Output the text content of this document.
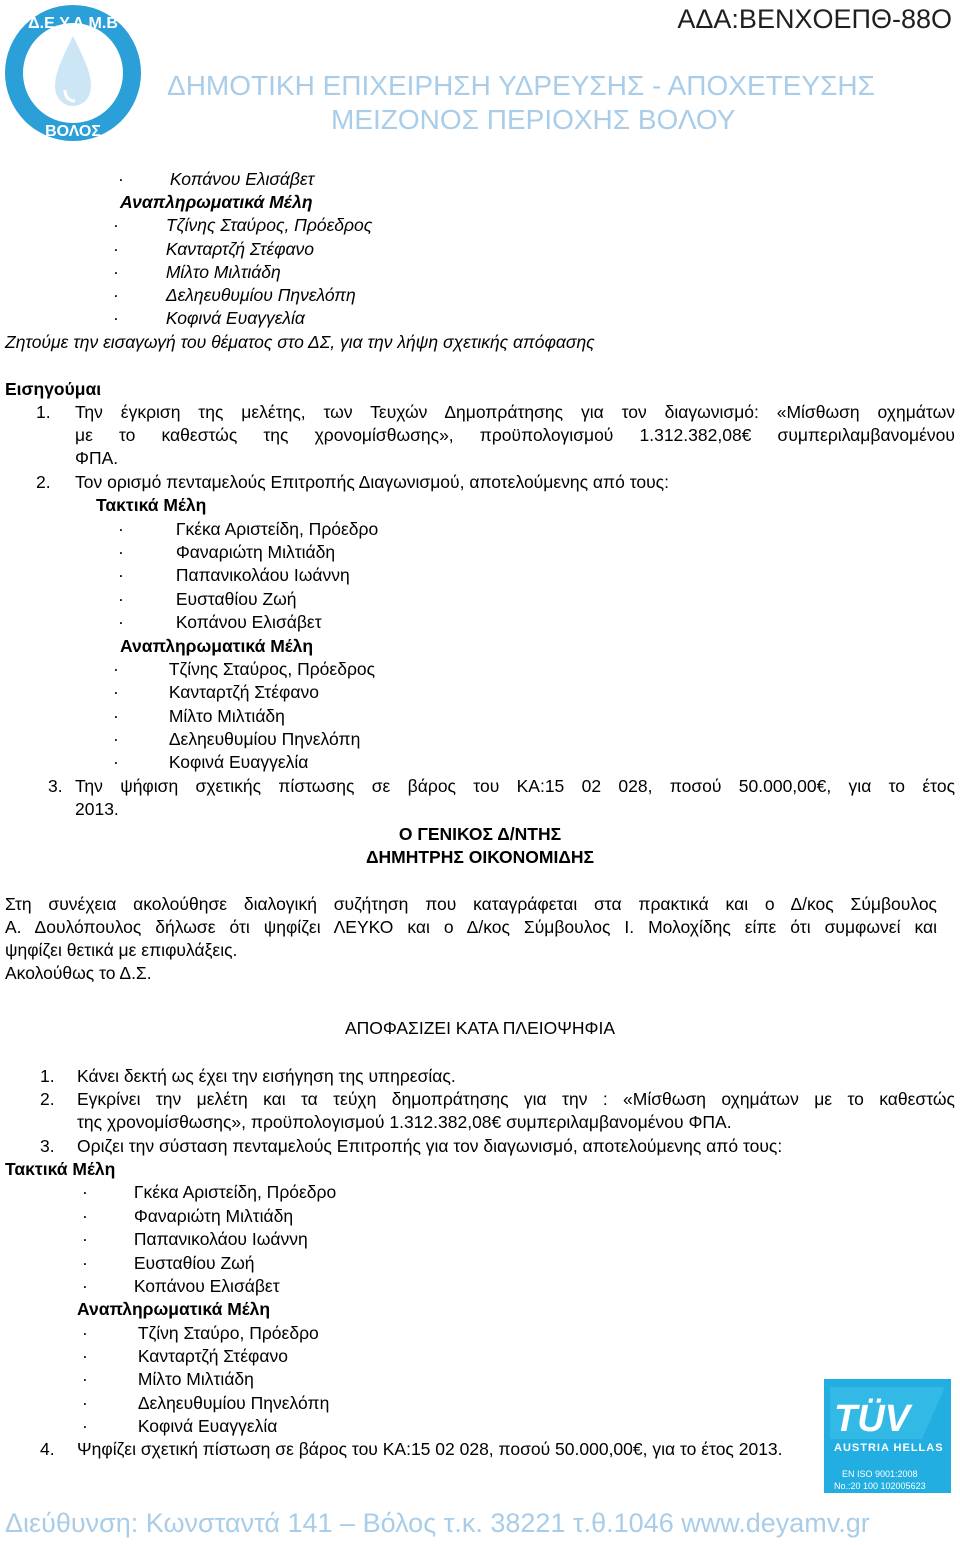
Δ.Ε.Υ.Α.Μ.Β
ΒΟΛΟΣ
ΑΔΑ:ΒΕΝΧΟΕΠΘ-88Ο
ΔΗΜΟΤΙΚΗ ΕΠΙΧΕΙΡΗΣΗ ΥΔΡΕΥΣΗΣ - ΑΠΟΧΕΤΕΥΣΗΣ
ΜΕΙΖΟΝΟΣ ΠΕΡΙΟΧΗΣ ΒΟΛΟΥ
·	Κοπάνου Ελισάβετ
Αναπληρωματικά Μέλη
·	Τζίνης Σταύρος, Πρόεδρος
·	Κανταρτζή Στέφανο
·	Μίλτο Μιλτιάδη
·	Δεληευθυμίου Πηνελόπη
·	Κοφινά Ευαγγελία
Ζητούμε την εισαγωγή του θέματος στο ΔΣ, για την λήψη σχετικής απόφασης
Εισηγούμαι
1. Την έγκριση της μελέτης, των Τευχών Δημοπράτησης για τον διαγωνισμό: «Μίσθωση οχημάτων
με το καθεστώς της χρονομίσθωσης», προϋπολογισμού 1.312.382,08€ συμπεριλαμβανομένου
ΦΠΑ.
2. Τον ορισμό πενταμελούς Επιτροπής Διαγωνισμού, αποτελούμενης από τους:
Τακτικά Μέλη
·	Γκέκα Αριστείδη, Πρόεδρο
·	Φαναριώτη Μιλτιάδη
·	Παπανικολάου Ιωάννη
·	Ευσταθίου Ζωή
·	Κοπάνου Ελισάβετ
Αναπληρωματικά Μέλη
·	Τζίνης Σταύρος, Πρόεδρος
·	Κανταρτζή Στέφανο
·	Μίλτο Μιλτιάδη
·	Δεληευθυμίου Πηνελόπη
·	Κοφινά Ευαγγελία
3. Την ψήφιση σχετικής πίστωσης σε βάρος του ΚΑ:15 02 028, ποσού 50.000,00€, για το έτος
2013.
Ο ΓΕΝΙΚΟΣ Δ/ΝΤΗΣ
ΔΗΜΗΤΡΗΣ ΟΙΚΟΝΟΜΙΔΗΣ
Στη συνέχεια ακολούθησε διαλογική συζήτηση που καταγράφεται στα πρακτικά και ο Δ/κος Σύμβουλος
Α. Δουλόπουλος δήλωσε ότι ψηφίζει ΛΕΥΚΟ και ο Δ/κος Σύμβουλος Ι. Μολοχίδης είπε ότι συμφωνεί και
ψηφίζει θετικά με επιφυλάξεις.
Ακολούθως το Δ.Σ.
ΑΠΟΦΑΣΙΖΕΙ ΚΑΤΑ ΠΛΕΙΟΨΗΦΙΑ
1. Κάνει δεκτή ως έχει την εισήγηση της υπηρεσίας.
2. Εγκρίνει την μελέτη και τα τεύχη δημοπράτησης για την : «Μίσθωση οχημάτων με το καθεστώς
της χρονομίσθωσης», προϋπολογισμού 1.312.382,08€ συμπεριλαμβανομένου ΦΠΑ.
3. Οριζει την σύσταση πενταμελούς Επιτροπής για τον διαγωνισμό, αποτελούμενης από τους:
Τακτικά Μέλη
·	Γκέκα Αριστείδη, Πρόεδρο
·	Φαναριώτη Μιλτιάδη
·	Παπανικολάου Ιωάννη
·	Ευσταθίου Ζωή
·	Κοπάνου Ελισάβετ
Αναπληρωματικά Μέλη
·	Τζίνη Σταύρο, Πρόεδρο
·	Κανταρτζή Στέφανο
·	Μίλτο Μιλτιάδη
·	Δεληευθυμίου Πηνελόπη
·	Κοφινά Ευαγγελία	TÜV
AUSTRIA HELLAS
EN ISO 9001:2008
No.:20 100 102005623
4. Ψηφίζει σχετική πίστωση σε βάρος του ΚΑ:15 02 028, ποσού 50.000,00€, για το έτος 2013.
Διεύθυνση: Κωνσταντά 141 – Βόλος τ.κ. 38221 τ.θ.1046 www.deyamv.gr
